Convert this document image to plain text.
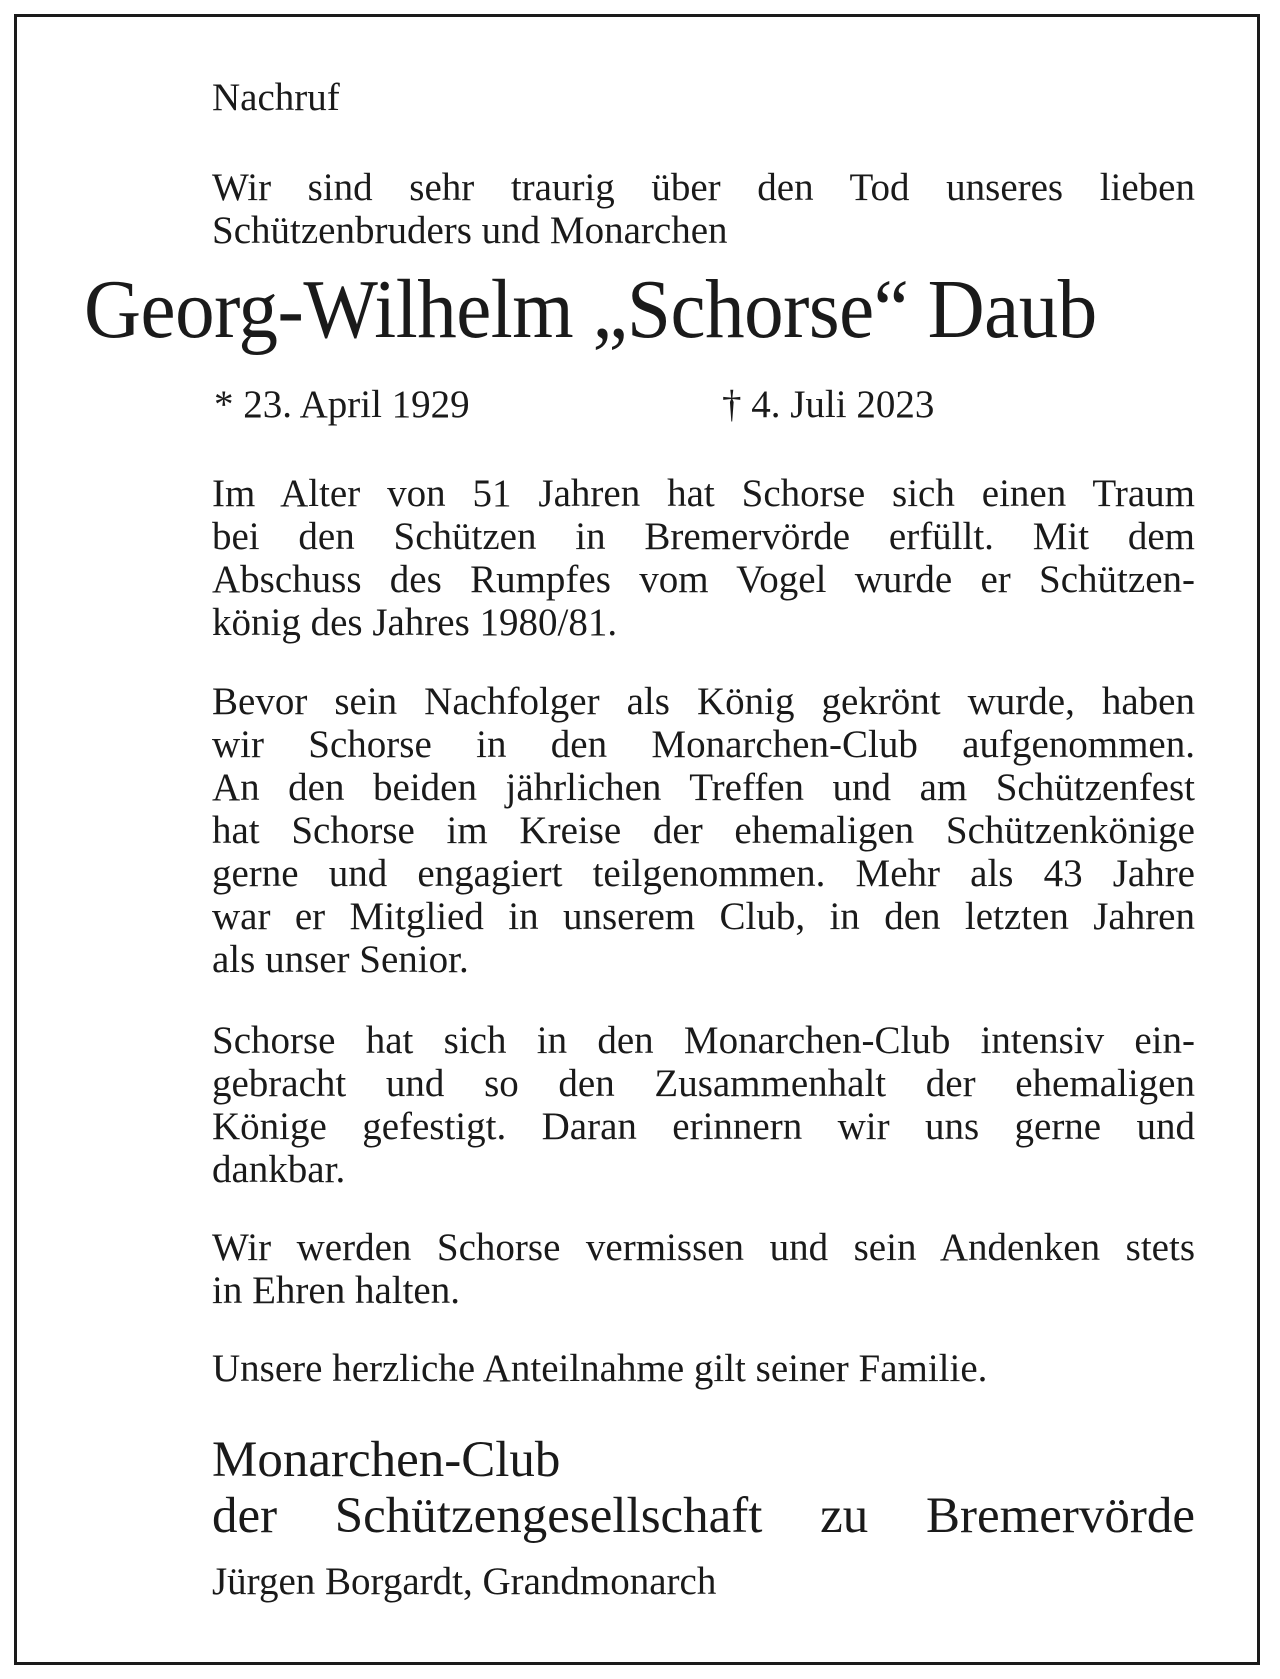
Nachruf
Wir sind sehr traurig über den Tod unseres lieben
Schützenbruders und Monarchen
Georg-Wilhelm „Schorse“ Daub
* 23. April 1929	† 4. Juli 2023
Im Alter von 51 Jahren hat Schorse sich einen Traum
bei den Schützen in Bremervörde erfüllt. Mit dem
Abschuss des Rumpfes vom Vogel wurde er Schützen-
könig des Jahres 1980/81.
Bevor sein Nachfolger als König gekrönt wurde, haben
wir Schorse in den Monarchen-Club aufgenommen.
An den beiden jährlichen Treffen und am Schützenfest
hat Schorse im Kreise der ehemaligen Schützenkönige
gerne und engagiert teilgenommen. Mehr als 43 Jahre
war er Mitglied in unserem Club, in den letzten Jahren
als unser Senior.
Schorse hat sich in den Monarchen-Club intensiv ein-
gebracht und so den Zusammenhalt der ehemaligen
Könige gefestigt. Daran erinnern wir uns gerne und
dankbar.
Wir werden Schorse vermissen und sein Andenken stets
in Ehren halten.
Unsere herzliche Anteilnahme gilt seiner Familie.
Monarchen-Club
der Schützengesellschaft zu Bremervörde
Jürgen Borgardt, Grandmonarch
